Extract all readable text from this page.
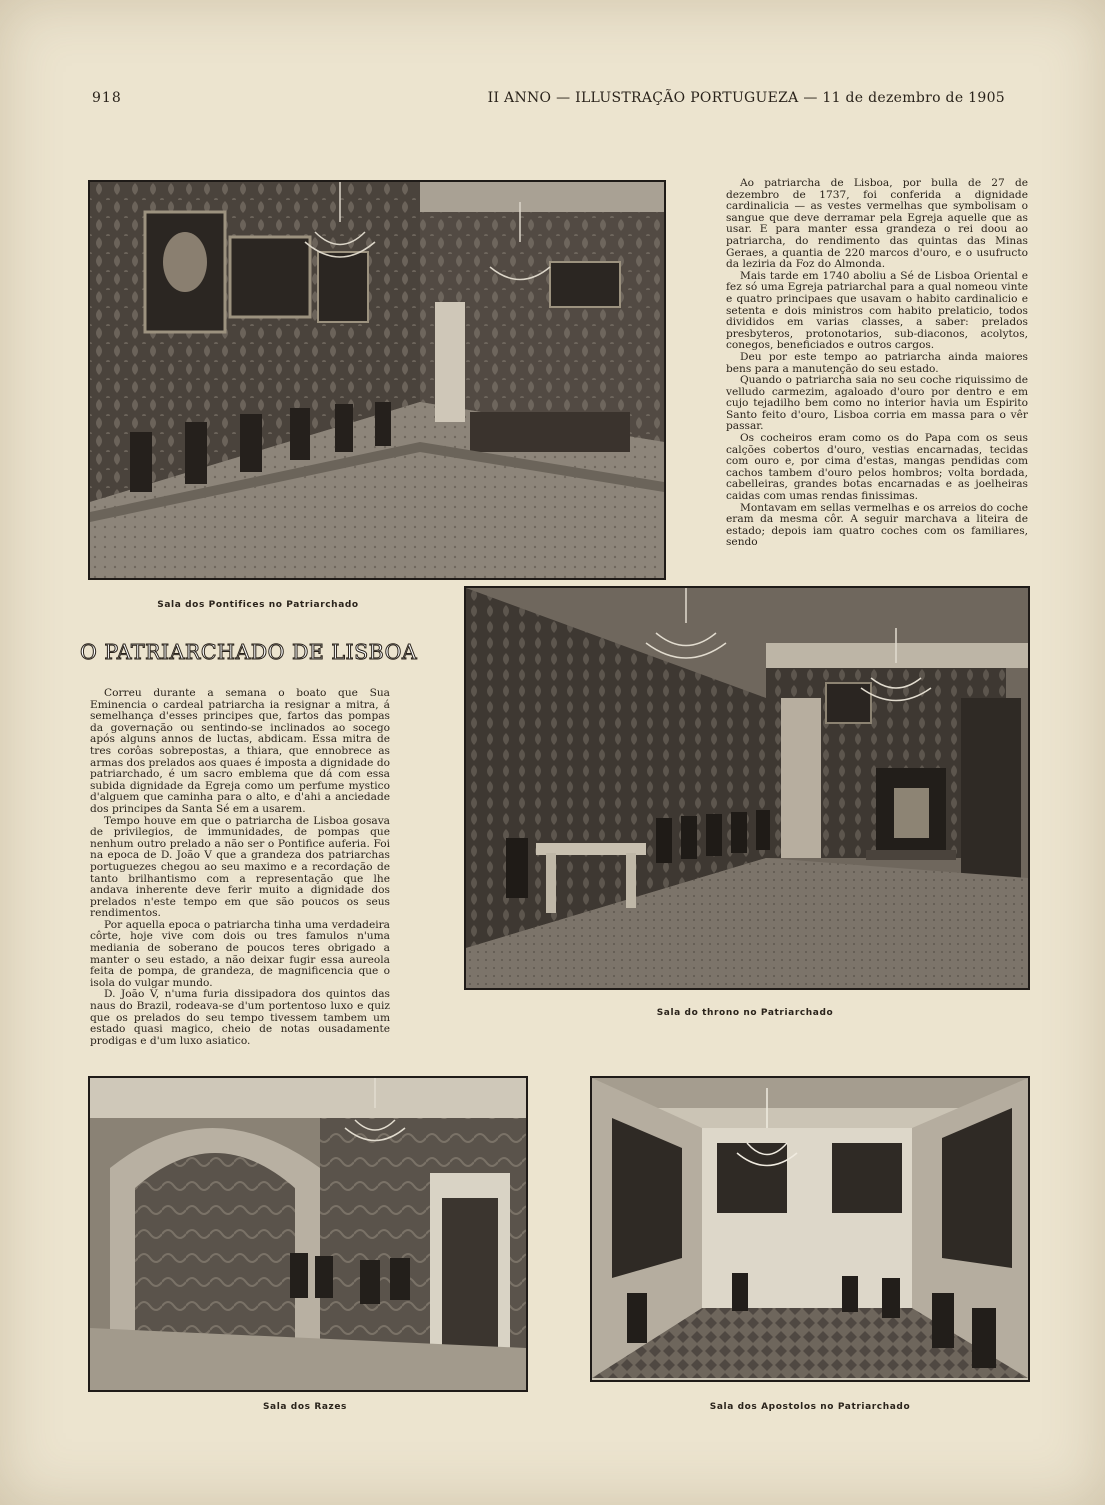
918	II ANNO — ILLUSTRAÇÃO PORTUGUEZA — 11 de dezembro de 1905
Sala dos Pontifices no Patriarchado

Ao patriarcha de Lisboa, por bulla de 27 de dezembro de 1737, foi conferida a dignidade cardinalicia — as vestes vermelhas que symbolisam o sangue que deve derramar pela Egreja aquelle que as usar. E para manter essa grandeza o rei doou ao patriarcha, do rendimento das quintas das Minas Geraes, a quantia de 220 marcos d'ouro, e o usufructo da leziria da Foz do Almonda.

Mais tarde em 1740 aboliu a Sé de Lisboa Oriental e fez só uma Egreja patriarchal para a qual nomeou vinte e quatro principaes que usavam o habito cardinalicio e setenta e dois ministros com habito prelaticio, todos divididos em varias classes, a saber: prelados presbyteros, protonotarios, sub-diaconos, acolytos, conegos, beneficiados e outros cargos.

Deu por este tempo ao patriarcha ainda maiores bens para a manutenção do seu estado.

Quando o patriarcha saia no seu coche riquissimo de velludo carmezim, agaloado d'ouro por dentro e em cujo tejadilho bem como no interior havia um Espirito Santo feito d'ouro, Lisboa corria em massa para o vêr passar.

Os cocheiros eram como os do Papa com os seus calções cobertos d'ouro, vestias encarnadas, tecidas com ouro e, por cima d'estas, mangas pendidas com cachos tambem d'ouro pelos hombros; volta bordada, cabelleiras, grandes botas encarnadas e as joelheiras caidas com umas rendas finissimas.

Montavam em sellas vermelhas e os arreios do coche eram da mesma côr. A seguir marchava a liteira de estado; depois iam quatro coches com os familiares, sendo

O PATRIARCHADO DE LISBOA

Correu durante a semana o boato que Sua Eminencia o cardeal patriarcha ia resignar a mitra, á semelhança d'esses principes que, fartos das pompas da governação ou sentindo-se inclinados ao socego após alguns annos de luctas, abdicam. Essa mitra de tres corôas sobrepostas, a thiara, que ennobrece as armas dos prelados aos quaes é imposta a dignidade do patriarchado, é um sacro emblema que dá com essa subida dignidade da Egreja como um perfume mystico d'alguem que caminha para o alto, e d'ahi a anciedade dos principes da Santa Sé em a usarem.

Tempo houve em que o patriarcha de Lisboa gosava de privilegios, de immunidades, de pompas que nenhum outro prelado a não ser o Pontifice auferia. Foi na epoca de D. João V que a grandeza dos patriarchas portuguezes chegou ao seu maximo e a recordação de tanto brilhantismo com a representação que lhe andava inherente deve ferir muito a dignidade dos prelados n'este tempo em que são poucos os seus rendimentos.

Por aquella epoca o patriarcha tinha uma verdadeira côrte, hoje vive com dois ou tres famulos n'uma mediania de soberano de poucos teres obrigado a manter o seu estado, a não deixar fugir essa aureola feita de pompa, de grandeza, de magnificencia que o isola do vulgar mundo.

D. João V, n'uma furia dissipadora dos quintos das naus do Brazil, rodeava-se d'um portentoso luxo e quiz que os prelados do seu tempo tivessem tambem um estado quasi magico, cheio de notas ousadamente prodigas e d'um luxo asiatico.

Sala do throno no Patriarchado
Sala dos Razes	Sala dos Apostolos no Patriarchado
